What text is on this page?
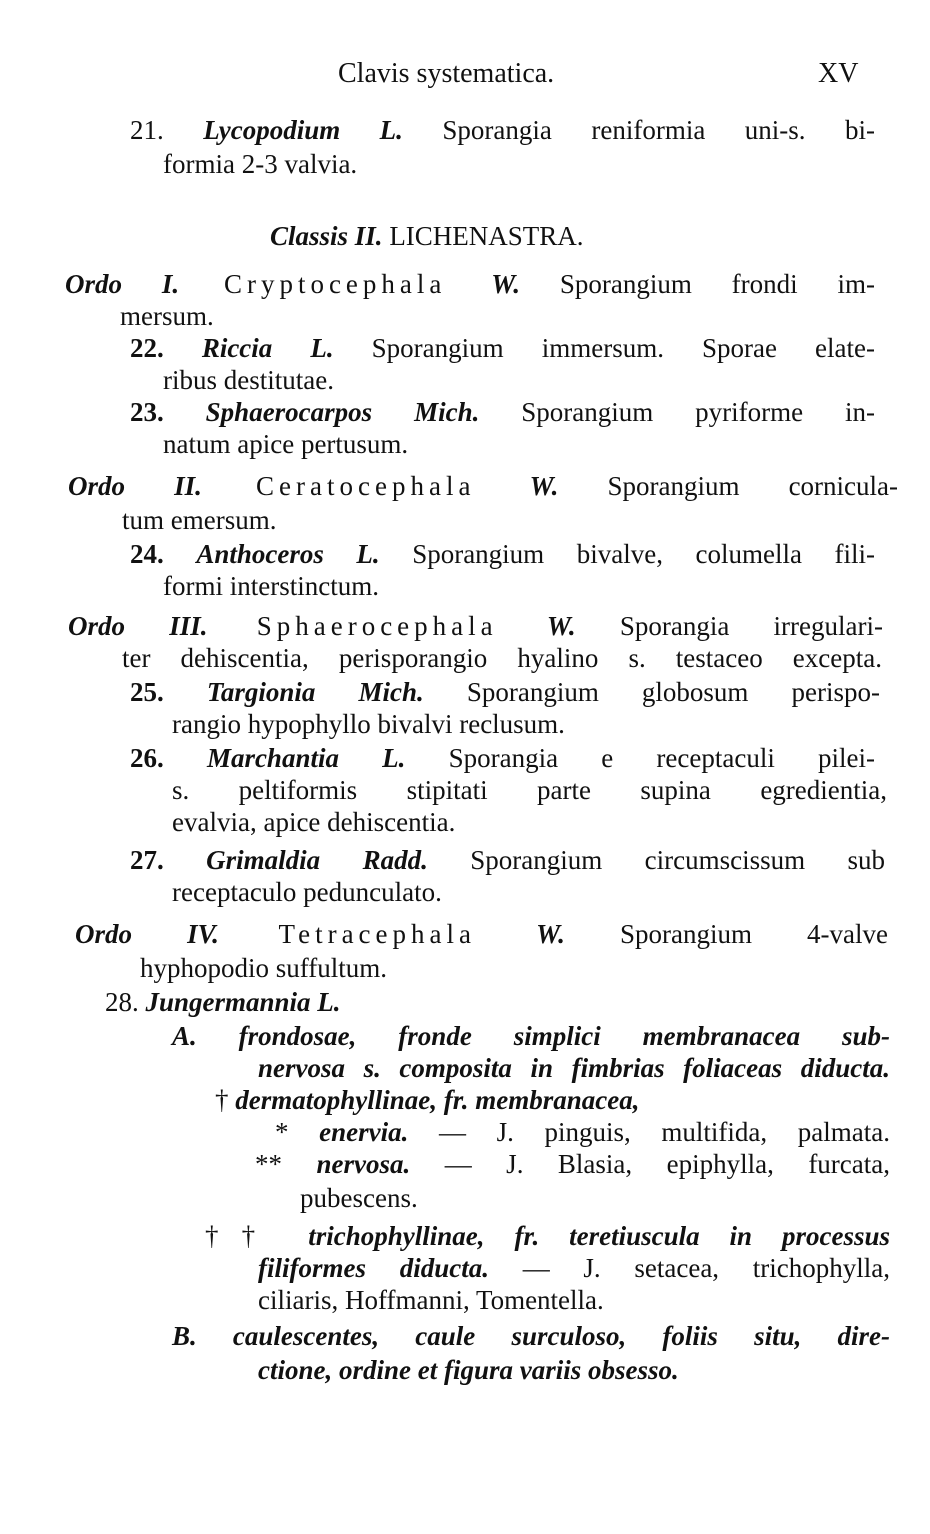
Clavis systematica.	XV
21. Lycopodium L. Sporangia reniformia uni-s. bi-
formia 2-3 valvia.
Classis II. LICHENASTRA.
Ordo I. Cryptocephala W. Sporangium frondi im-
mersum.
22. Riccia L. Sporangium immersum. Sporae elate-
ribus destitutae.
23. Sphaerocarpos Mich. Sporangium pyriforme in-
natum apice pertusum.
Ordo II. Ceratocephala W. Sporangium cornicula-
tum emersum.
24. Anthoceros L. Sporangium bivalve, columella fili-
formi interstinctum.
Ordo III. Sphaerocephala W. Sporangia irregulari-
ter dehiscentia, perisporangio hyalino s. testaceo excepta.
25. Targionia Mich. Sporangium globosum perispo-
rangio hypophyllo bivalvi reclusum.
26. Marchantia L. Sporangia e receptaculi pilei-
s. peltiformis stipitati parte supina egredientia,
evalvia, apice dehiscentia.
27. Grimaldia Radd. Sporangium circumscissum sub
receptaculo pedunculato.
Ordo IV. Tetracephala W. Sporangium 4-valve
hyphopodio suffultum.
28. Jungermannia L.
A. frondosae, fronde simplici membranacea sub-
nervosa s. composita in fimbrias foliaceas diducta.
† dermatophyllinae, fr. membranacea,
* enervia. — J. pinguis, multifida, palmata.
** nervosa. — J. Blasia, epiphylla, furcata,
pubescens.
†† trichophyllinae, fr. teretiuscula in processus
filiformes diducta. — J. setacea, trichophylla,
ciliaris, Hoffmanni, Tomentella.
B. caulescentes, caule surculoso, foliis situ, dire-
ctione, ordine et figura variis obsesso.
